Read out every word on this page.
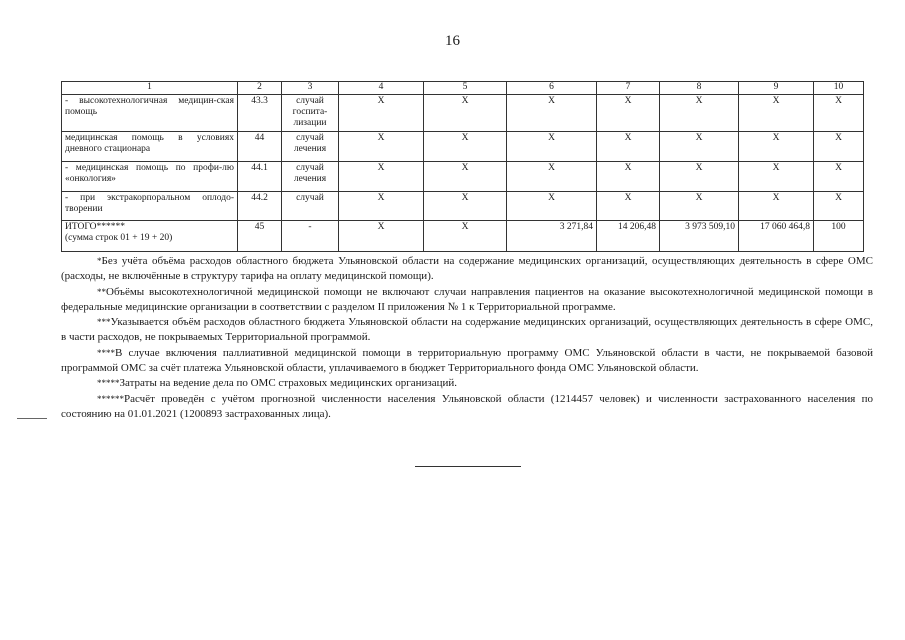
16
1	2	3	4	5	6	7	8	9	10
- высокотехнологичная медицин-ская помощь	43.3	случай госпита-лизации	Х	Х	Х	Х	Х	Х	Х
медицинская помощь в условиях дневного стационара	44	случай лечения	Х	Х	Х	Х	Х	Х	Х
- медицинская помощь по профи-лю «онкология»	44.1	случай лечения	Х	Х	Х	Х	Х	Х	Х
- при экстракорпоральном оплодо-творении	44.2	случай	Х	Х	Х	Х	Х	Х	Х

ИТОГО******
(сумма строк 01 + 19 + 20)	45	-	Х	Х	3 271,84	14 206,48	3 973 509,10	17 060 464,8	100

*Без учёта объёма расходов областного бюджета Ульяновской области на содержание медицинских организаций, осуществляющих деятельность в сфере ОМС (расходы, не включённые в структуру тарифа на оплату медицинской помощи).

**Объёмы высокотехнологичной медицинской помощи не включают случаи направления пациентов на оказание высокотехнологичной медицинской помощи в федеральные медицинские организации в соответствии с разделом II приложения № 1 к Территориальной программе.

***Указывается объём расходов областного бюджета Ульяновской области на содержание медицинских организаций, осуществляющих деятельность в сфере ОМС, в части расходов, не покрываемых Территориальной программой.

****В случае включения паллиативной медицинской помощи в территориальную программу ОМС Ульяновской области в части, не покрываемой базовой программой ОМС за счёт платежа Ульяновской области, уплачиваемого в бюджет Территориального фонда ОМС Ульяновской области.

*****Затраты на ведение дела по ОМС страховых медицинских организаций.

******Расчёт проведён с учётом прогнозной численности населения Ульяновской области (1214457 человек) и численности застрахованного населения по состоянию на 01.01.2021 (1200893 застрахованных лица).
